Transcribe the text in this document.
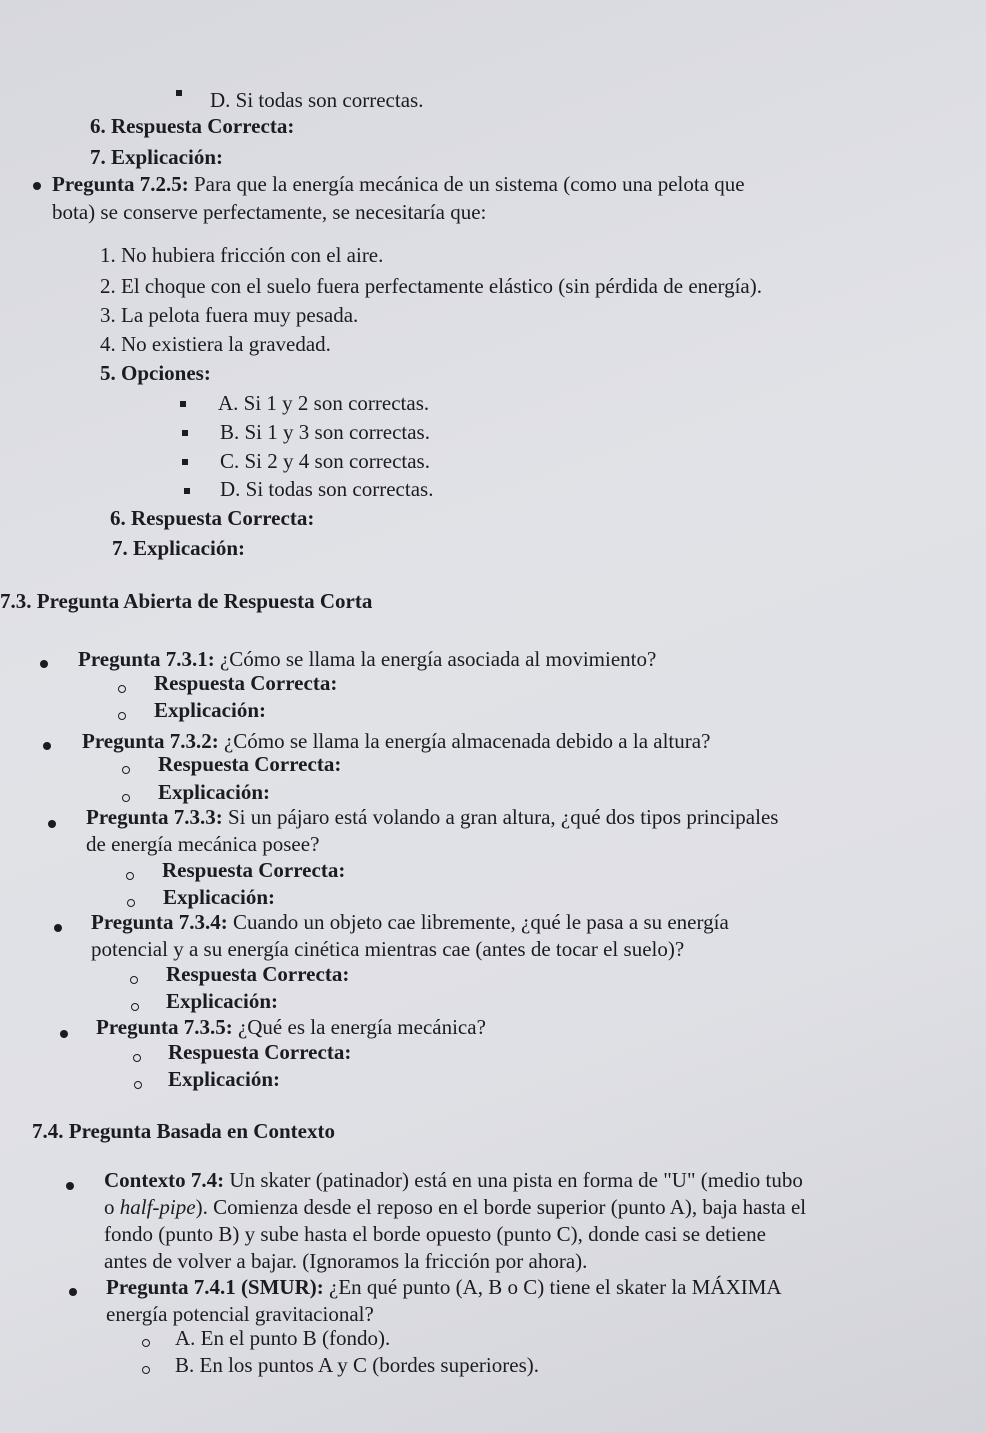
D. Si todas son correctas.
6. Respuesta Correcta:
7. Explicación:
Pregunta 7.2.5: Para que la energía mecánica de un sistema (como una pelota que
bota) se conserve perfectamente, se necesitaría que:
1. No hubiera fricción con el aire.
2. El choque con el suelo fuera perfectamente elástico (sin pérdida de energía).
3. La pelota fuera muy pesada.
4. No existiera la gravedad.
5. Opciones:
A. Si 1 y 2 son correctas.
B. Si 1 y 3 son correctas.
C. Si 2 y 4 son correctas.
D. Si todas son correctas.
6. Respuesta Correcta:
7. Explicación:
7.3. Pregunta Abierta de Respuesta Corta
Pregunta 7.3.1: ¿Cómo se llama la energía asociada al movimiento?
Respuesta Correcta:
Explicación:
Pregunta 7.3.2: ¿Cómo se llama la energía almacenada debido a la altura?
Respuesta Correcta:
Explicación:
Pregunta 7.3.3: Si un pájaro está volando a gran altura, ¿qué dos tipos principales
de energía mecánica posee?
Respuesta Correcta:
Explicación:
Pregunta 7.3.4: Cuando un objeto cae libremente, ¿qué le pasa a su energía
potencial y a su energía cinética mientras cae (antes de tocar el suelo)?
Respuesta Correcta:
Explicación:
Pregunta 7.3.5: ¿Qué es la energía mecánica?
Respuesta Correcta:
Explicación:
7.4. Pregunta Basada en Contexto
Contexto 7.4: Un skater (patinador) está en una pista en forma de "U" (medio tubo
o half-pipe). Comienza desde el reposo en el borde superior (punto A), baja hasta el
fondo (punto B) y sube hasta el borde opuesto (punto C), donde casi se detiene
antes de volver a bajar. (Ignoramos la fricción por ahora).
Pregunta 7.4.1 (SMUR): ¿En qué punto (A, B o C) tiene el skater la MÁXIMA
energía potencial gravitacional?
A. En el punto B (fondo).
B. En los puntos A y C (bordes superiores).
